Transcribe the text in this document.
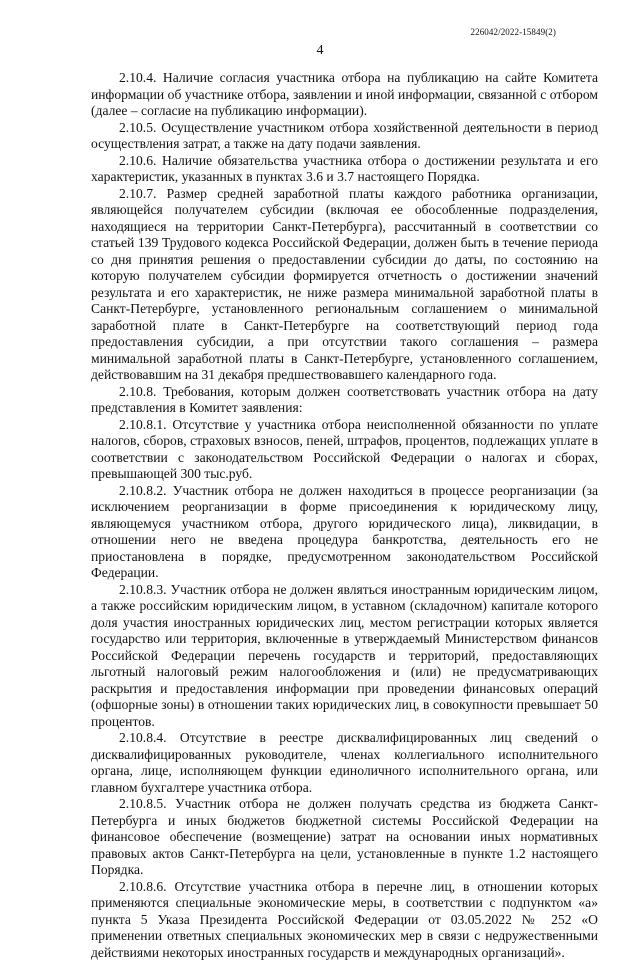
226042/2022-15849(2)
4

2.10.4. Наличие согласия участника отбора на публикацию на сайте Комитета информации об участнике отбора, заявлении и иной информации, связанной с отбором (далее – согласие на публикацию информации).

2.10.5. Осуществление участником отбора хозяйственной деятельности в период осуществления затрат, а также на дату подачи заявления.

2.10.6. Наличие обязательства участника отбора о достижении результата и его характеристик, указанных в пунктах 3.6 и 3.7 настоящего Порядка.

2.10.7. Размер средней заработной платы каждого работника организации, являющейся получателем субсидии (включая ее обособленные подразделения, находящиеся на территории Санкт-Петербурга), рассчитанный в соответствии со статьей 139 Трудового кодекса Российской Федерации, должен быть в течение периода со дня принятия решения о предоставлении субсидии до даты, по состоянию на которую получателем субсидии формируется отчетность о достижении значений результата и его характеристик, не ниже размера минимальной заработной платы в Санкт-Петербурге, установленного региональным соглашением о минимальной заработной плате в Санкт-Петербурге на соответствующий период года предоставления субсидии, а при отсутствии такого соглашения – размера минимальной заработной платы в Санкт-Петербурге, установленного соглашением, действовавшим на 31 декабря предшествовавшего календарного года.

2.10.8. Требования, которым должен соответствовать участник отбора на дату представления в Комитет заявления:

2.10.8.1. Отсутствие у участника отбора неисполненной обязанности по уплате налогов, сборов, страховых взносов, пеней, штрафов, процентов, подлежащих уплате в соответствии с законодательством Российской Федерации о налогах и сборах, превышающей 300 тыс.руб.

2.10.8.2. Участник отбора не должен находиться в процессе реорганизации (за исключением реорганизации в форме присоединения к юридическому лицу, являющемуся участником отбора, другого юридического лица), ликвидации, в отношении него не введена процедура банкротства, деятельность его не приостановлена в порядке, предусмотренном законодательством Российской Федерации.

2.10.8.3. Участник отбора не должен являться иностранным юридическим лицом, а также российским юридическим лицом, в уставном (складочном) капитале которого доля участия иностранных юридических лиц, местом регистрации которых является государство или территория, включенные в утверждаемый Министерством финансов Российской Федерации перечень государств и территорий, предоставляющих льготный налоговый режим налогообложения и (или) не предусматривающих раскрытия и предоставления информации при проведении финансовых операций (офшорные зоны) в отношении таких юридических лиц, в совокупности превышает 50 процентов.

2.10.8.4. Отсутствие в реестре дисквалифицированных лиц сведений о дисквалифицированных руководителе, членах коллегиального исполнительного органа, лице, исполняющем функции единоличного исполнительного органа, или главном бухгалтере участника отбора.

2.10.8.5. Участник отбора не должен получать средства из бюджета Санкт-Петербурга и иных бюджетов бюджетной системы Российской Федерации на финансовое обеспечение (возмещение) затрат на основании иных нормативных правовых актов Санкт-Петербурга на цели, установленные в пункте 1.2 настоящего Порядка.

2.10.8.6. Отсутствие участника отбора в перечне лиц, в отношении которых применяются специальные экономические меры, в соответствии с подпунктом «а» пункта 5 Указа Президента Российской Федерации от 03.05.2022 № 252 «О применении ответных специальных экономических мер в связи с недружественными действиями некоторых иностранных государств и международных организаций».
